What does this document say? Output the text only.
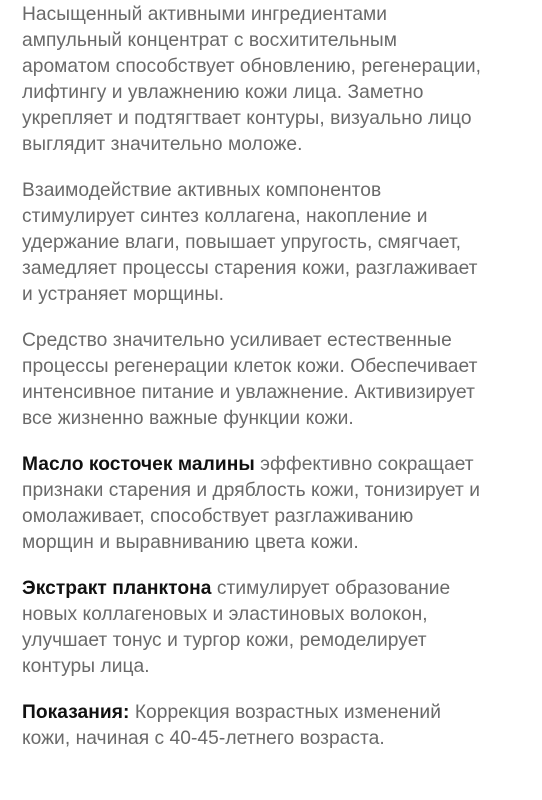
Насыщенный активными ингредиентами
ампульный концентрат с восхитительным
ароматом способствует обновлению, регенерации,
лифтингу и увлажнению кожи лица. Заметно
укрепляет и подтягтвает контуры, визуально лицо
выглядит значительно моложе.

Взаимодействие активных компонентов
стимулирует синтез коллагена, накопление и
удержание влаги, повышает упругость, смягчает,
замедляет процессы старения кожи, разглаживает
и устраняет морщины.

Средство значительно усиливает естественные
процессы регенерации клеток кожи. Обеспечивает
интенсивное питание и увлажнение. Активизирует
все жизненно важные функции кожи.

Масло косточек малины эффективно сокращает
признаки старения и дряблость кожи, тонизирует и
омолаживает, способствует разглаживанию
морщин и выравниванию цвета кожи.

Экстракт планктона стимулирует образование
новых коллагеновых и эластиновых волокон,
улучшает тонус и тургор кожи, ремоделирует
контуры лица.

Показания: Коррекция возрастных изменений
кожи, начиная с 40-45-летнего возраста.
